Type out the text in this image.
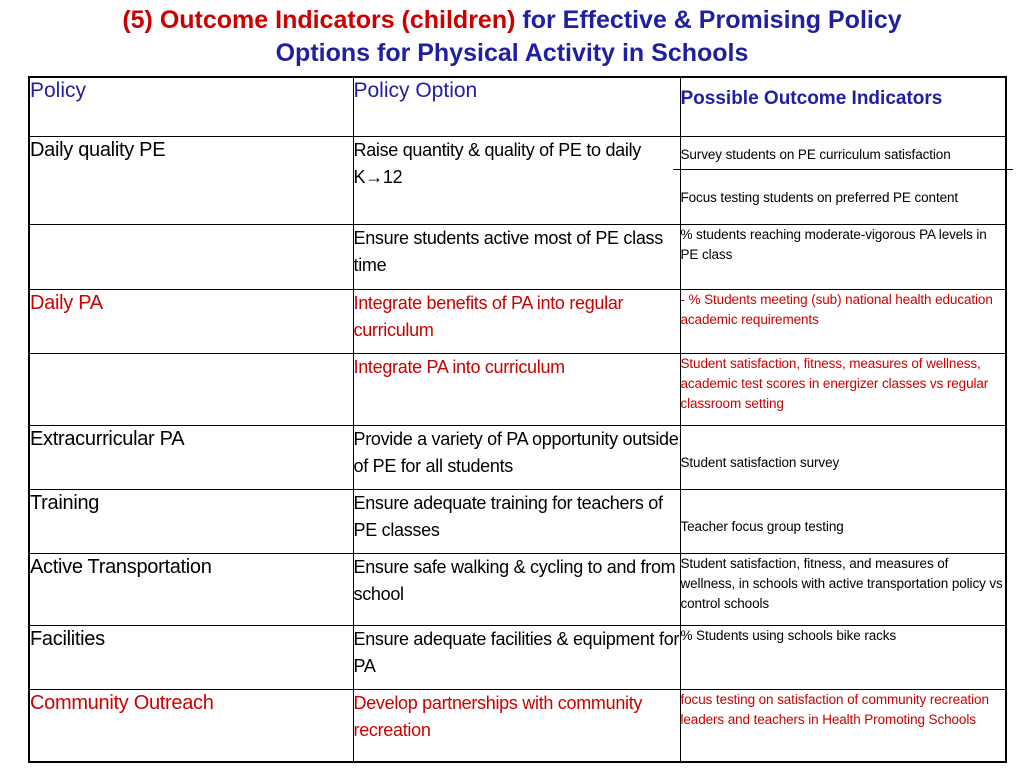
(5) Outcome Indicators (children) for Effective & Promising Policy
Options for Physical Activity in Schools
Policy	Policy Option	Possible Outcome Indicators
Daily quality PE	Raise quantity & quality of PE to daily K→12	Survey students on PE curriculum satisfaction
Focus testing students on preferred PE content

	Ensure students active most of PE class time	% students reaching moderate-vigorous PA levels in PE class
Daily PA	Integrate benefits of PA into regular curriculum	- % Students meeting (sub) national health education academic requirements
	Integrate PA into curriculum	Student satisfaction, fitness, measures of wellness, academic test scores in energizer classes vs regular classroom setting
Extracurricular PA	Provide a variety of PA opportunity outside of PE for all students	Student satisfaction survey
Training	Ensure adequate training for teachers of PE classes	Teacher focus group testing
Active Transportation	Ensure safe walking & cycling to and from school	Student satisfaction, fitness, and measures of wellness, in schools with active transportation policy vs control schools
Facilities	Ensure adequate facilities & equipment for PA	% Students using schools bike racks
Community Outreach	Develop partnerships with community recreation	focus testing on satisfaction of community recreation leaders and teachers in Health Promoting Schools
